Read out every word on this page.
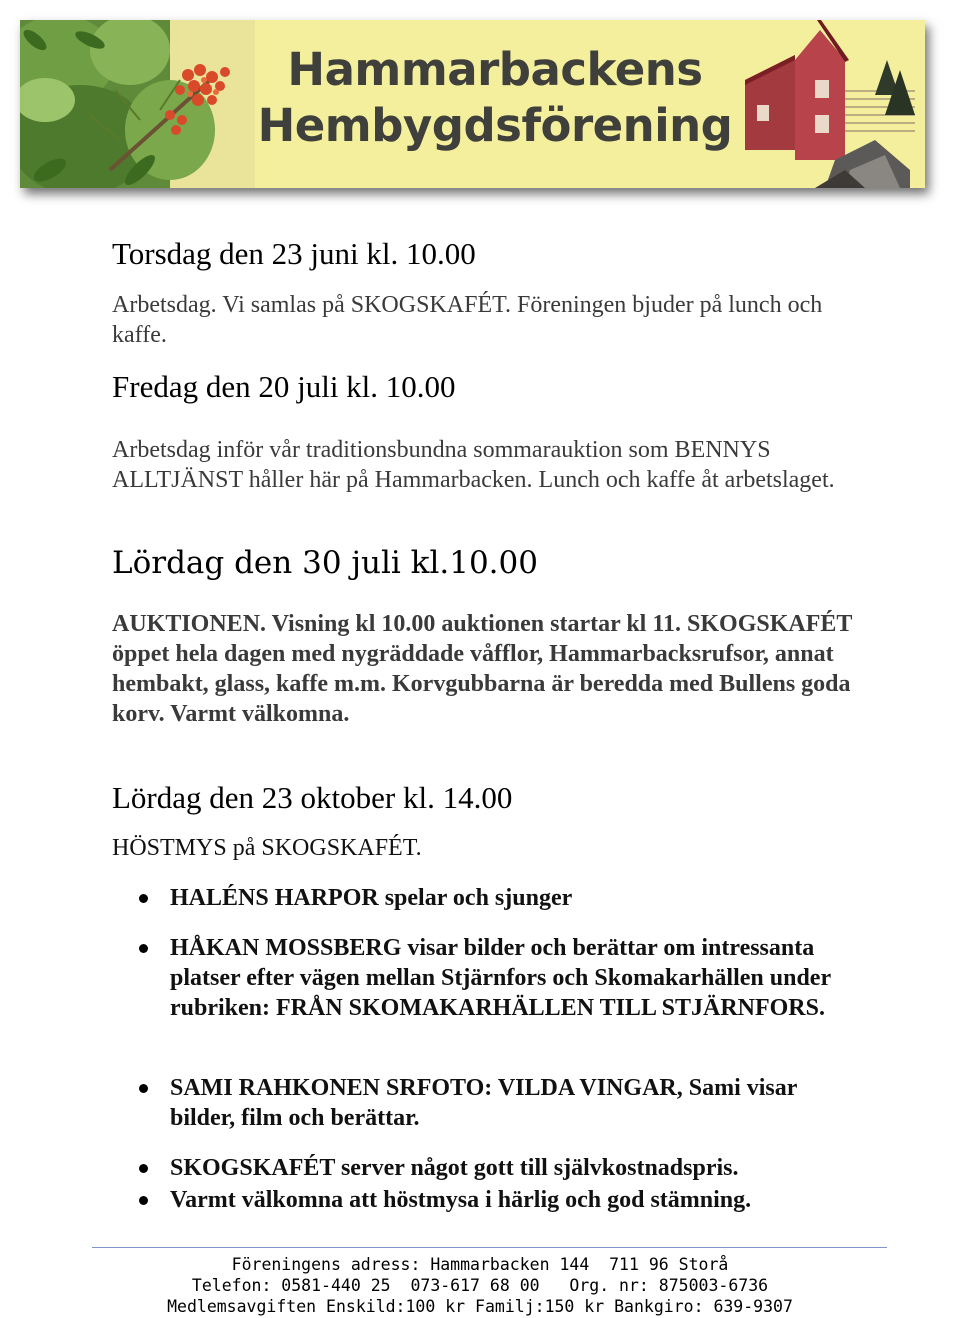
Hammarbackens
Hembygdsförening
Torsdag den 23 juni kl. 10.00

Arbetsdag. Vi samlas på SKOGSKAFÉT. Föreningen bjuder på lunch och kaffe.

Fredag den 20 juli kl. 10.00

Arbetsdag inför vår traditionsbundna sommarauktion som BENNYS ALLTJÄNST håller här på Hammarbacken. Lunch och kaffe åt arbetslaget.

Lördag den 30 juli kl.10.00

AUKTIONEN. Visning kl 10.00 auktionen startar kl 11. SKOGSKAFÉT öppet hela dagen med nygräddade våfflor, Hammarbacksrufsor, annat hembakt, glass, kaffe m.m. Korvgubbarna är beredda med Bullens goda korv. Varmt välkomna.

Lördag den 23 oktober kl. 14.00

HÖSTMYS på SKOGSKAFÉT.

HALÉNS HARPOR spelar och sjunger
HÅKAN MOSSBERG visar bilder och berättar om intressanta platser efter vägen mellan Stjärnfors och Skomakarhällen under rubriken: FRÅN SKOMAKARHÄLLEN TILL STJÄRNFORS.
SAMI RAHKONEN SRFOTO: VILDA VINGAR, Sami visar bilder, film och berättar.
SKOGSKAFÉT server något gott till självkostnadspris.
Varmt välkomna att höstmysa i härlig och god stämning.
Föreningens adress: Hammarbacken 144  711 96 Storå
Telefon: 0581-440 25  073-617 68 00   Org. nr: 875003-6736
Medlemsavgiften Enskild:100 kr Familj:150 kr Bankgiro: 639-9307
